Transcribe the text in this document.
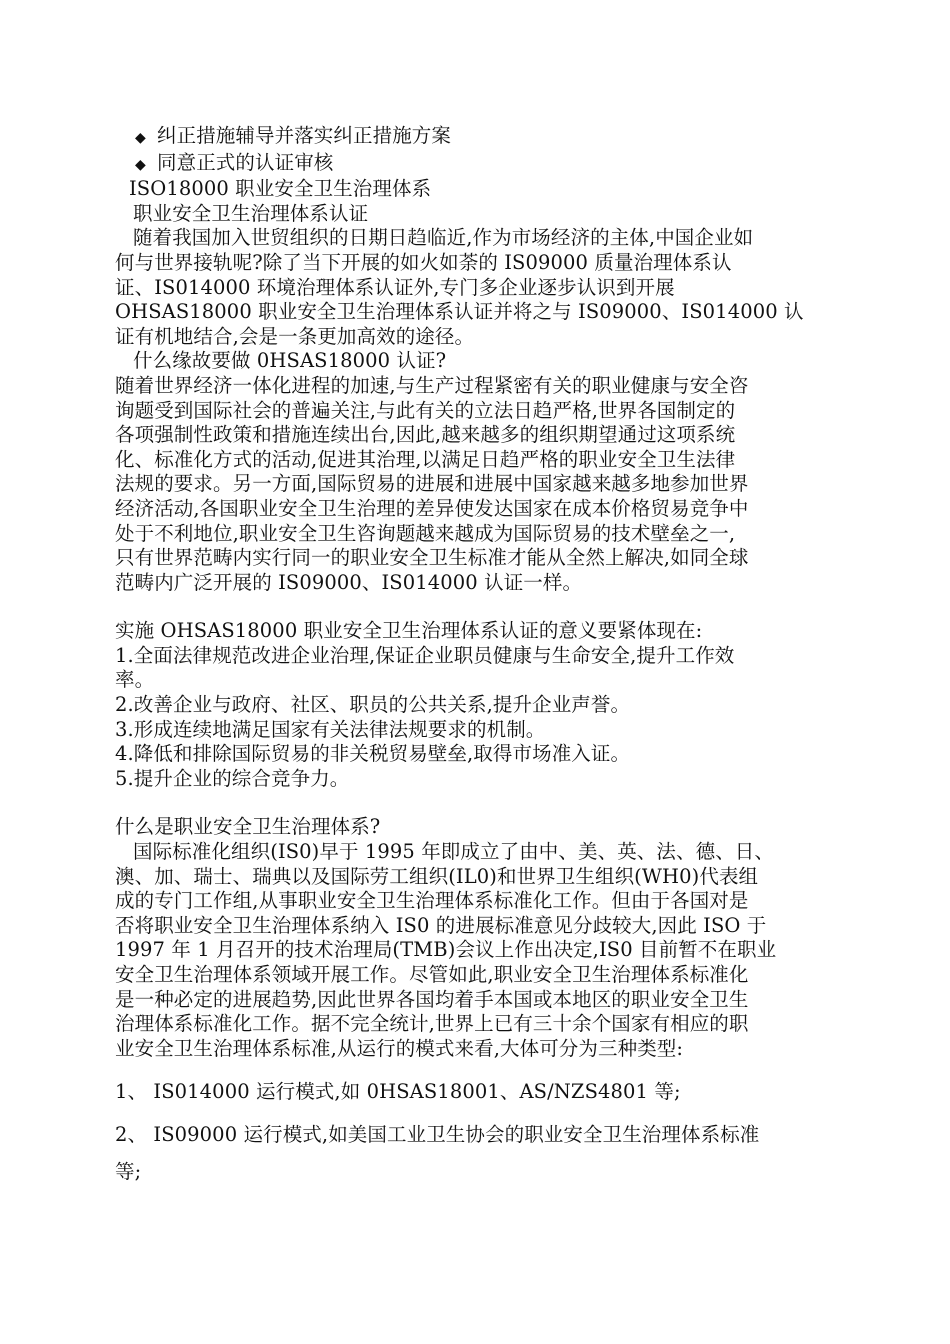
◆ 纠正措施辅导并落实纠正措施方案
◆ 同意正式的认证审核
ISO18000 职业安全卫生治理体系
职业安全卫生治理体系认证
随着我国加入世贸组织的日期日趋临近,作为市场经济的主体,中国企业如
何与世界接轨呢?除了当下开展的如火如荼的 IS09000 质量治理体系认
证、IS014000 环境治理体系认证外,专门多企业逐步认识到开展
OHSAS18000 职业安全卫生治理体系认证并将之与 IS09000、IS014000 认
证有机地结合,会是一条更加高效的途径。
什么缘故要做 0HSAS18000 认证?
随着世界经济一体化进程的加速,与生产过程紧密有关的职业健康与安全咨
询题受到国际社会的普遍关注,与此有关的立法日趋严格,世界各国制定的
各项强制性政策和措施连续出台,因此,越来越多的组织期望通过这项系统
化、标准化方式的活动,促进其治理,以满足日趋严格的职业安全卫生法律
法规的要求。另一方面,国际贸易的进展和进展中国家越来越多地参加世界
经济活动,各国职业安全卫生治理的差异使发达国家在成本价格贸易竞争中
处于不利地位,职业安全卫生咨询题越来越成为国际贸易的技术壁垒之一,
只有世界范畴内实行同一的职业安全卫生标准才能从全然上解决,如同全球
范畴内广泛开展的 IS09000、IS014000 认证一样。
实施 OHSAS18000 职业安全卫生治理体系认证的意义要紧体现在:
1.全面法律规范改进企业治理,保证企业职员健康与生命安全,提升工作效
率。
2.改善企业与政府、社区、职员的公共关系,提升企业声誉。
3.形成连续地满足国家有关法律法规要求的机制。
4.降低和排除国际贸易的非关税贸易壁垒,取得市场准入证。
5.提升企业的综合竞争力。
什么是职业安全卫生治理体系?
国际标准化组织(IS0)早于 1995 年即成立了由中、美、英、法、德、日、
澳、加、瑞士、瑞典以及国际劳工组织(IL0)和世界卫生组织(WH0)代表组
成的专门工作组,从事职业安全卫生治理体系标准化工作。但由于各国对是
否将职业安全卫生治理体系纳入 IS0 的进展标准意见分歧较大,因此 ISO 于
1997 年 1 月召开的技术治理局(TMB)会议上作出决定,IS0 目前暂不在职业
安全卫生治理体系领域开展工作。尽管如此,职业安全卫生治理体系标准化
是一种必定的进展趋势,因此世界各国均着手本国或本地区的职业安全卫生
治理体系标准化工作。据不完全统计,世界上已有三十余个国家有相应的职
业安全卫生治理体系标准,从运行的模式来看,大体可分为三种类型:
1、 IS014000 运行模式,如 0HSAS18001、AS/NZS4801 等;
2、 IS09000 运行模式,如美国工业卫生协会的职业安全卫生治理体系标准
等;
